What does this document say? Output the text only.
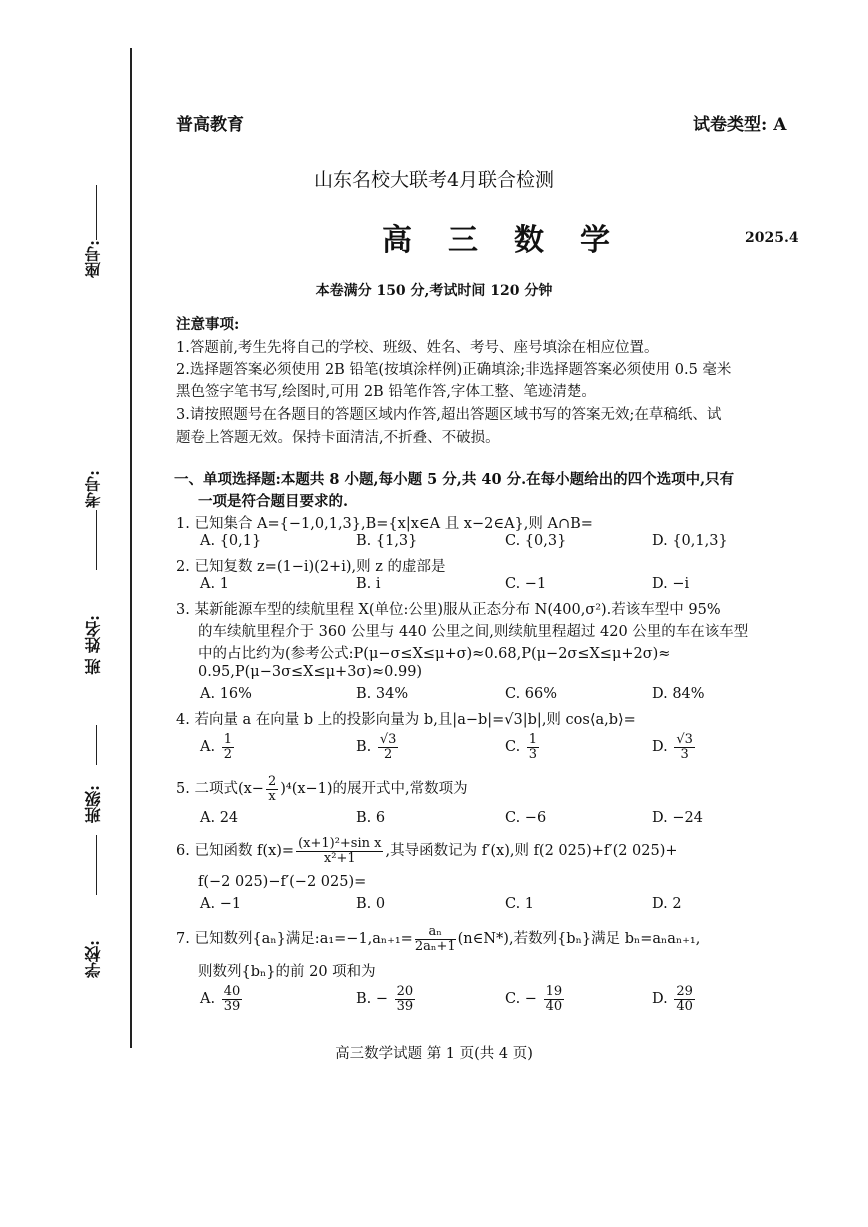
座号:
考号:
班 姓名:
班级:
学校:
普高教育	试卷类型: A
山东名校大联考4月联合检测
高三数学	2025.4
本卷满分 150 分,考试时间 120 分钟
注意事项:
1.答题前,考生先将自己的学校、班级、姓名、考号、座号填涂在相应位置。
2.选择题答案必须使用 2B 铅笔(按填涂样例)正确填涂;非选择题答案必须使用 0.5 毫米
黑色签字笔书写,绘图时,可用 2B 铅笔作答,字体工整、笔迹清楚。
3.请按照题号在各题目的答题区域内作答,超出答题区域书写的答案无效;在草稿纸、试
题卷上答题无效。保持卡面清洁,不折叠、不破损。
一、单项选择题:本题共 8 小题,每小题 5 分,共 40 分.在每小题给出的四个选项中,只有
一项是符合题目要求的.
1. 已知集合 A={−1,0,1,3},B={x|x∈A 且 x−2∈A},则 A∩B=
A. {0,1}	B. {1,3}	C. {0,3}	D. {0,1,3}
2. 已知复数 z=(1−i)(2+i),则 z 的虚部是
A. 1	B. i	C. −1	D. −i
3. 某新能源车型的续航里程 X(单位:公里)服从正态分布 N(400,σ²).若该车型中 95%
的车续航里程介于 360 公里与 440 公里之间,则续航里程超过 420 公里的车在该车型
中的占比约为(参考公式:P(μ−σ≤X≤μ+σ)≈0.68,P(μ−2σ≤X≤μ+2σ)≈
0.95,P(μ−3σ≤X≤μ+3σ)≈0.99)
A. 16%	B. 34%	C. 66%	D. 84%
4. 若向量 a 在向量 b 上的投影向量为 b,且|a−b|=√3|b|,则 cos⟨a,b⟩=
A. $\frac{1}{2}$	B. $\frac{√3}{2}$	C. $\frac{1}{3}$	D. $\frac{√3}{3}$
5. 二项式$(x- \frac{2}{x} )^4(x-1)$的展开式中,常数项为
A. 24	B. 6	C. −6	D. −24
6. 已知函数 $f(x)= \frac{\text{(x+1)²+sin x}}{\text{x²+1}}$ ,其导函数记为 f′(x),则 f(2 025)+f′(2 025)+
f(−2 025)−f′(−2 025)=
A. −1	B. 0	C. 1	D. 2
7. 已知数列{aₙ}满足:a₁=−1,aₙ₊₁= $\frac{\text{aₙ}}{\text{2aₙ+1}}$ (n∈N*),若数列{bₙ}满足 bₙ=aₙaₙ₊₁,
则数列{bₙ}的前 20 项和为
A. $\frac{40}{39}$	B. − $\frac{20}{39}$	C. − $\frac{19}{40}$	D. $\frac{29}{40}$
高三数学试题 第 1 页(共 4 页)
